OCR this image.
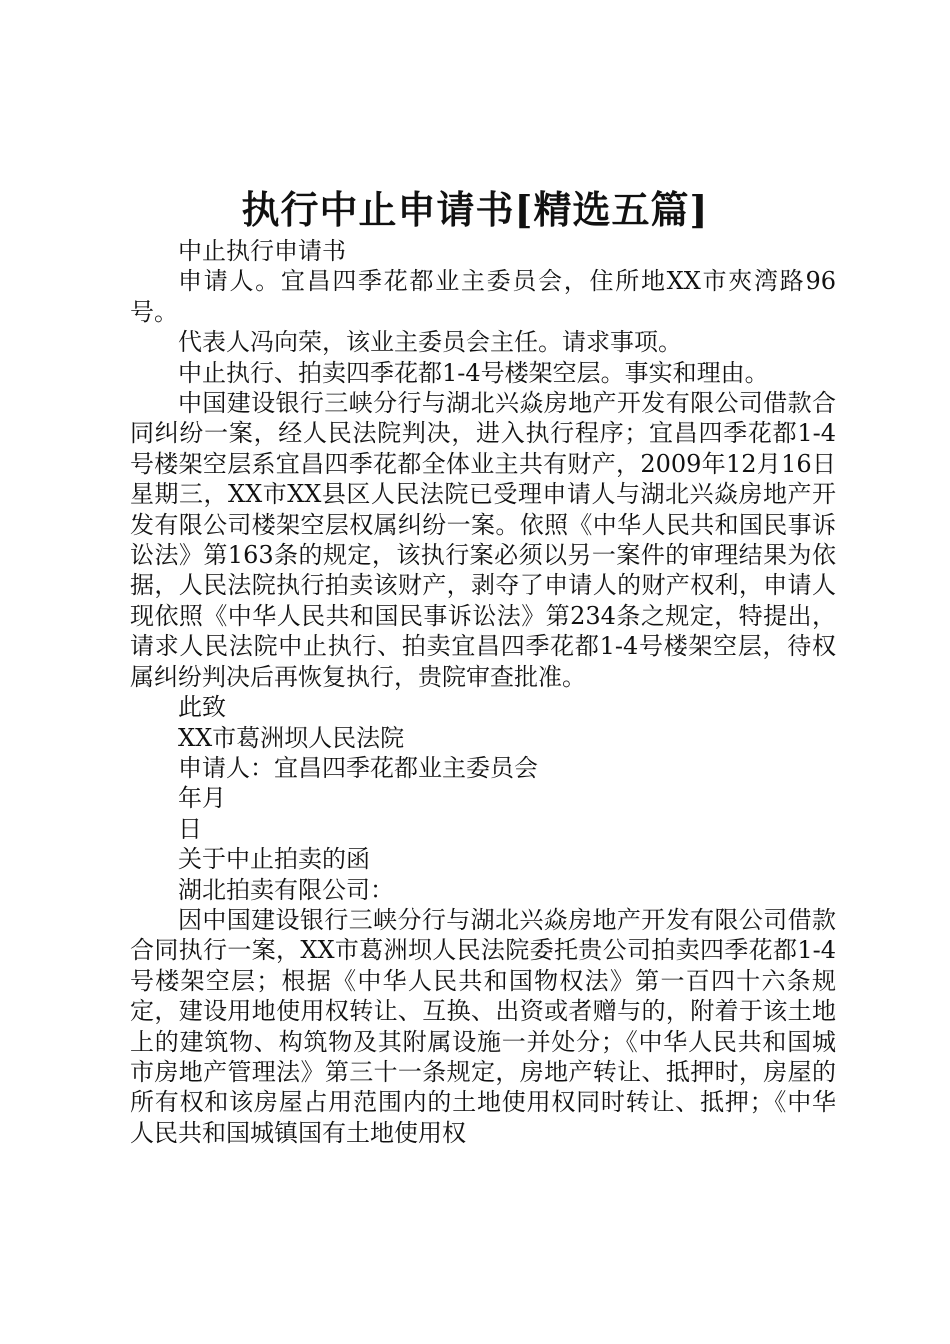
执行中止申请书[精选五篇]

中止执行申请书

申请人。宜昌四季花都业主委员会，住所地XX市夾湾路96号。

代表人冯向荣，该业主委员会主任。请求事项。

中止执行、拍卖四季花都1-4号楼架空层。事实和理由。

中国建设银行三峡分行与湖北兴焱房地产开发有限公司借款合同纠纷一案，经人民法院判决，进入执行程序；宜昌四季花都1-4号楼架空层系宜昌四季花都全体业主共有财产，2009年12月16日星期三，XX市XX县区人民法院已受理申请人与湖北兴焱房地产开发有限公司楼架空层权属纠纷一案。依照《中华人民共和国民事诉讼法》第163条的规定，该执行案必须以另一案件的审理结果为依据，人民法院执行拍卖该财产，剥夺了申请人的财产权利，申请人现依照《中华人民共和国民事诉讼法》第234条之规定，特提出，请求人民法院中止执行、拍卖宜昌四季花都1-4号楼架空层，待权属纠纷判决后再恢复执行，贵院审查批准。

此致

XX市葛洲坝人民法院

申请人：宜昌四季花都业主委员会

年月

日

关于中止拍卖的函

湖北拍卖有限公司：

因中国建设银行三峡分行与湖北兴焱房地产开发有限公司借款合同执行一案，XX市葛洲坝人民法院委托贵公司拍卖四季花都1-4号楼架空层；根据《中华人民共和国物权法》第一百四十六条规定，建设用地使用权转让、互换、出资或者赠与的，附着于该土地上的建筑物、构筑物及其附属设施一并处分；《中华人民共和国城市房地产管理法》第三十一条规定，房地产转让、抵押时，房屋的所有权和该房屋占用范围内的土地使用权同时转让、抵押；《中华人民共和国城镇国有土地使用权
